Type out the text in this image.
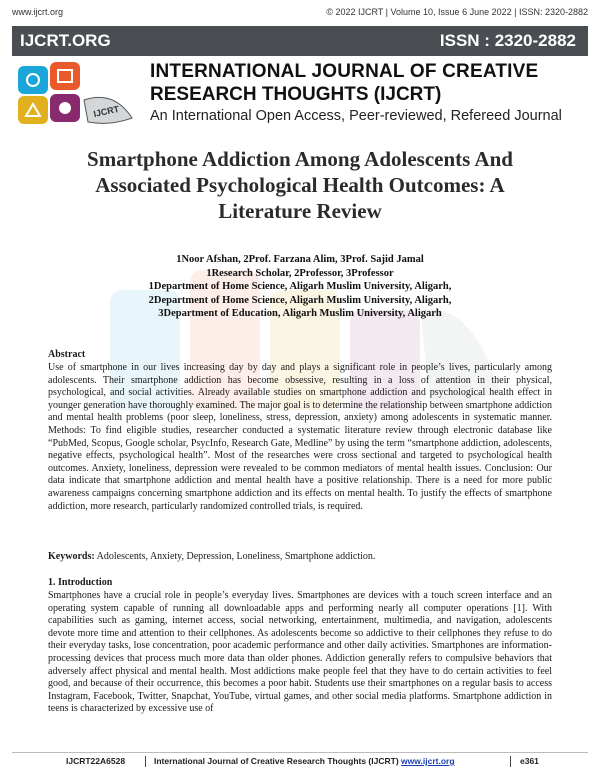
www.ijcrt.org	© 2022 IJCRT | Volume 10, Issue 6 June 2022 | ISSN: 2320-2882
IJCRT.ORG	ISSN : 2320-2882
IJCRT
INTERNATIONAL JOURNAL OF CREATIVE
RESEARCH THOUGHTS (IJCRT)
An International Open Access, Peer-reviewed, Refereed Journal
Smartphone Addiction Among Adolescents And
Associated Psychological Health Outcomes: A
Literature Review
1Noor Afshan, 2Prof. Farzana Alim, 3Prof. Sajid Jamal
1Research Scholar, 2Professor, 3Professor
1Department of Home Science, Aligarh Muslim University, Aligarh,
2Department of Home Science, Aligarh Muslim University, Aligarh,
3Department of Education, Aligarh Muslim University, Aligarh
Abstract
Use of smartphone in our lives increasing day by day and plays a significant role in people’s lives, particularly among adolescents. Their smartphone addiction has become obsessive, resulting in a loss of attention in their physical, psychological, and social activities. Already available studies on smartphone addiction and psychological health effect in younger generation have thoroughly examined. The major goal is to determine the relationship between smartphone addiction and mental health problems (poor sleep, loneliness, stress, depression, anxiety) among adolescents in systematic manner. Methods: To find eligible studies, researcher conducted a systematic literature review through electronic database like “PubMed, Scopus, Google scholar, PsycInfo, Research Gate, Medline” by using the term “smartphone addiction, adolescents, negative effects, psychological health”. Most of the researches were cross sectional and targeted to psychological health outcomes. Anxiety, loneliness, depression were revealed to be common mediators of mental health issues. Conclusion: Our data indicate that smartphone addiction and mental health have a positive relationship. There is a need for more public awareness campaigns concerning smartphone addiction and its effects on mental health. To justify the effects of smartphone addiction, more research, particularly randomized controlled trials, is required.
Keywords: Adolescents, Anxiety, Depression, Loneliness, Smartphone addiction.
1. Introduction
Smartphones have a crucial role in people’s everyday lives. Smartphones are devices with a touch screen interface and an operating system capable of running all downloadable apps and performing nearly all computer operations [1]. With capabilities such as gaming, internet access, social networking, entertainment, multimedia, and navigation, adolescents devote more time and attention to their cellphones. As adolescents become so addictive to their cellphones they refuse to do their everyday tasks, lose concentration, poor academic performance and other daily activities. Smartphones are information-processing devices that process much more data than older phones. Addiction generally refers to compulsive behaviors that adversely affect physical and mental health. Most addictions make people feel that they have to do certain activities to feel good, and because of their occurrence, this becomes a poor habit. Students use their smartphones on a regular basis to access Instagram, Facebook, Twitter, Snapchat, YouTube, virtual games, and other social media platforms. Smartphone addiction in teens is characterized by excessive use of
IJCRT22A6528	International Journal of Creative Research Thoughts (IJCRT) www.ijcrt.org	e361
